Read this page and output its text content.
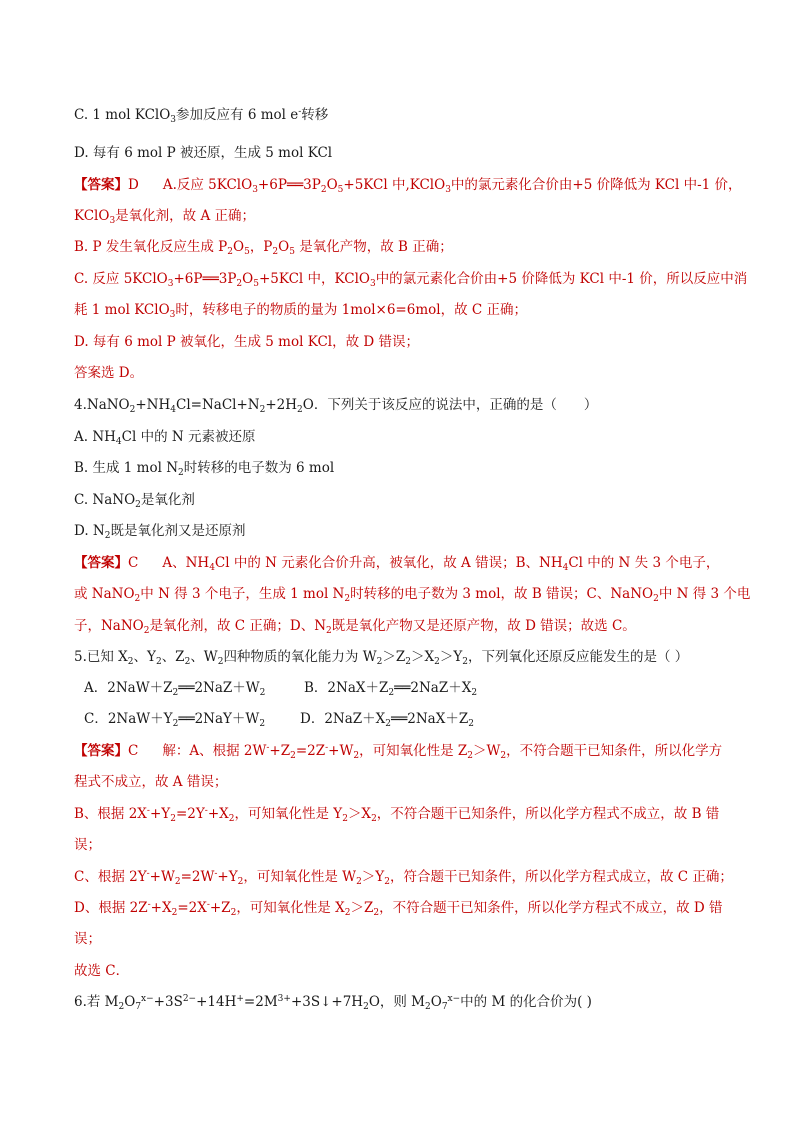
C. 1 mol KClO$_3$参加反应有 6 mol e-转移
D. 每有 6 mol P 被还原，生成 5 mol KCl
【答案】D A.反应 $5KClO_3+6P══3P_2O_5+5KCl$ 中,KClO$_3$中的氯元素化合价由+5 价降低为 KCl 中-1 价，
KClO$_3$是氧化剂，故 A 正确；
B. P 发生氧化反应生成 $P_2O_5$，$P_2O_5$ 是氧化产物，故 B 正确；
C. 反应 $5KClO_3+6P══3P_2O_5+5KCl$ 中，KClO$_3$中的氯元素化合价由+5 价降低为 KCl 中-1 价，所以反应中消
耗 1 mol KClO$_3$时，转移电子的物质的量为 1mol×6=6mol，故 C 正确；
D. 每有 6 mol P 被氧化，生成 5 mol KCl，故 D 错误；
答案选 D。
$4.NaNO_2+NH_4Cl=NaCl+N_2+2H_2O$．下列关于该反应的说法中，正确的是（　　）
A. $NH_4Cl$ 中的 N 元素被还原
B. 生成 1 mol $N_2$时转移的电子数为 6 mol
C. NaNO$_2$是氧化剂
D. $N_2$既是氧化剂又是还原剂
【答案】C A、$NH_4Cl$ 中的 N 元素化合价升高，被氧化，故 A 错误；B、$NH_4Cl$ 中的 N 失 3 个电子，
或 NaNO$_2$中 N 得 3 个电子，生成 1 mol $N_2$时转移的电子数为 3 mol，故 B 错误；C、NaNO$_2$中 N 得 3 个电
子，NaNO$_2$是氧化剂，故 C 正确；D、$N_2$既是氧化产物又是还原产物，故 D 错误；故选 C。
5.已知 $X_2$、$Y_2$、$Z_2$、$W_2$四种物质的氧化能力为 $W_2>Z_2>X_2>Y_2$，下列氧化还原反应能发生的是（ ）
A．$2NaW+Z_2══2NaZ+W_2$	B．$2NaX+Z_2══2NaZ+X_2$
C．$2NaW+Y_2══2NaY+W_2$	D．$2NaZ+X_2══2NaX+Z_2$
【答案】C 解：A、根据 $2W^-+Z_2=2Z^-+W_2$，可知氧化性是 $Z_2>W_2$，不符合题干已知条件，所以化学方
程式不成立，故 A 错误；
B、根据 $2X^-+Y_2=2Y^-+X_2$，可知氧化性是 $Y_2>X_2$，不符合题干已知条件，所以化学方程式不成立，故 B 错
误；
C、根据 $2Y^-+W_2=2W^-+Y_2$，可知氧化性是 $W_2>Y_2$，符合题干已知条件，所以化学方程式成立，故 C 正确；
D、根据 $2Z^-+X_2=2X^-+Z_2$，可知氧化性是 $X_2>Z_2$，不符合题干已知条件，所以化学方程式不成立，故 D 错
误；
故选 C．
6.若 $M_2O_7^{x-}+3S^{2-}+14H^+=2M^{3+}+3S↓+7H_2O$，则 $M_2O_7^{x-}$中的 M 的化合价为( )
